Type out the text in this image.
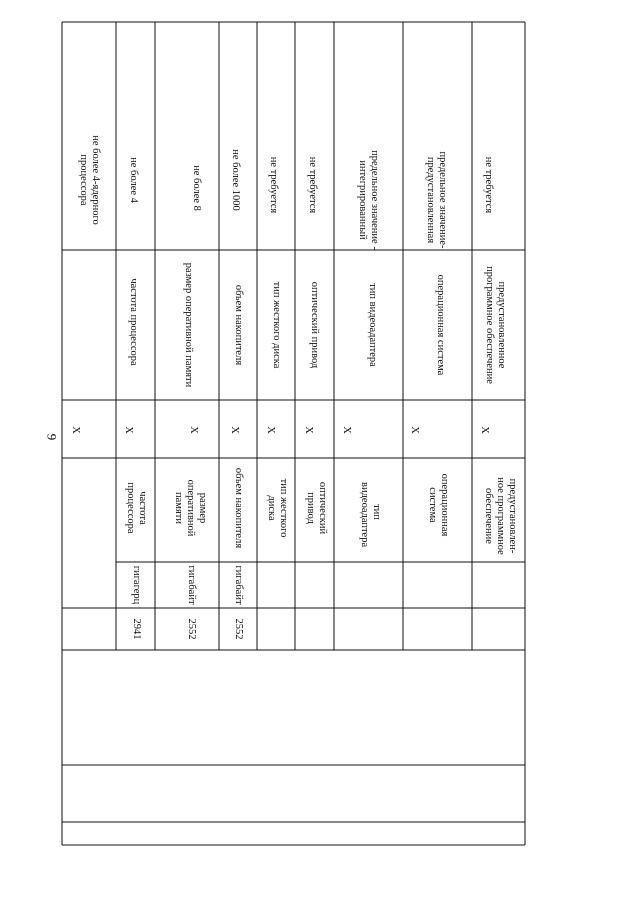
9
не более 4-ядерного процессора
X
не более 4
частота процессора
X
частота процессора
гигагерц
2941
не более 8
размер оперативной памяти
X
размер оперативной памяти
гигабайт
2552
не более 1000
объем накопителя
X
объем накопителя
гигабайт
2552
не требуется
тип жесткого диска
X
тип жесткого диска
не требуется
оптический привод
X
оптический привод
предельное значение - интегрированный
тип видеоадаптера
X
тип видеоадаптера
предельное значение-предустановленная
операционная система
X
операционная система
не требуется
предустановленное программное обеспечение
X
предустановлен-ное программное обеспечение
